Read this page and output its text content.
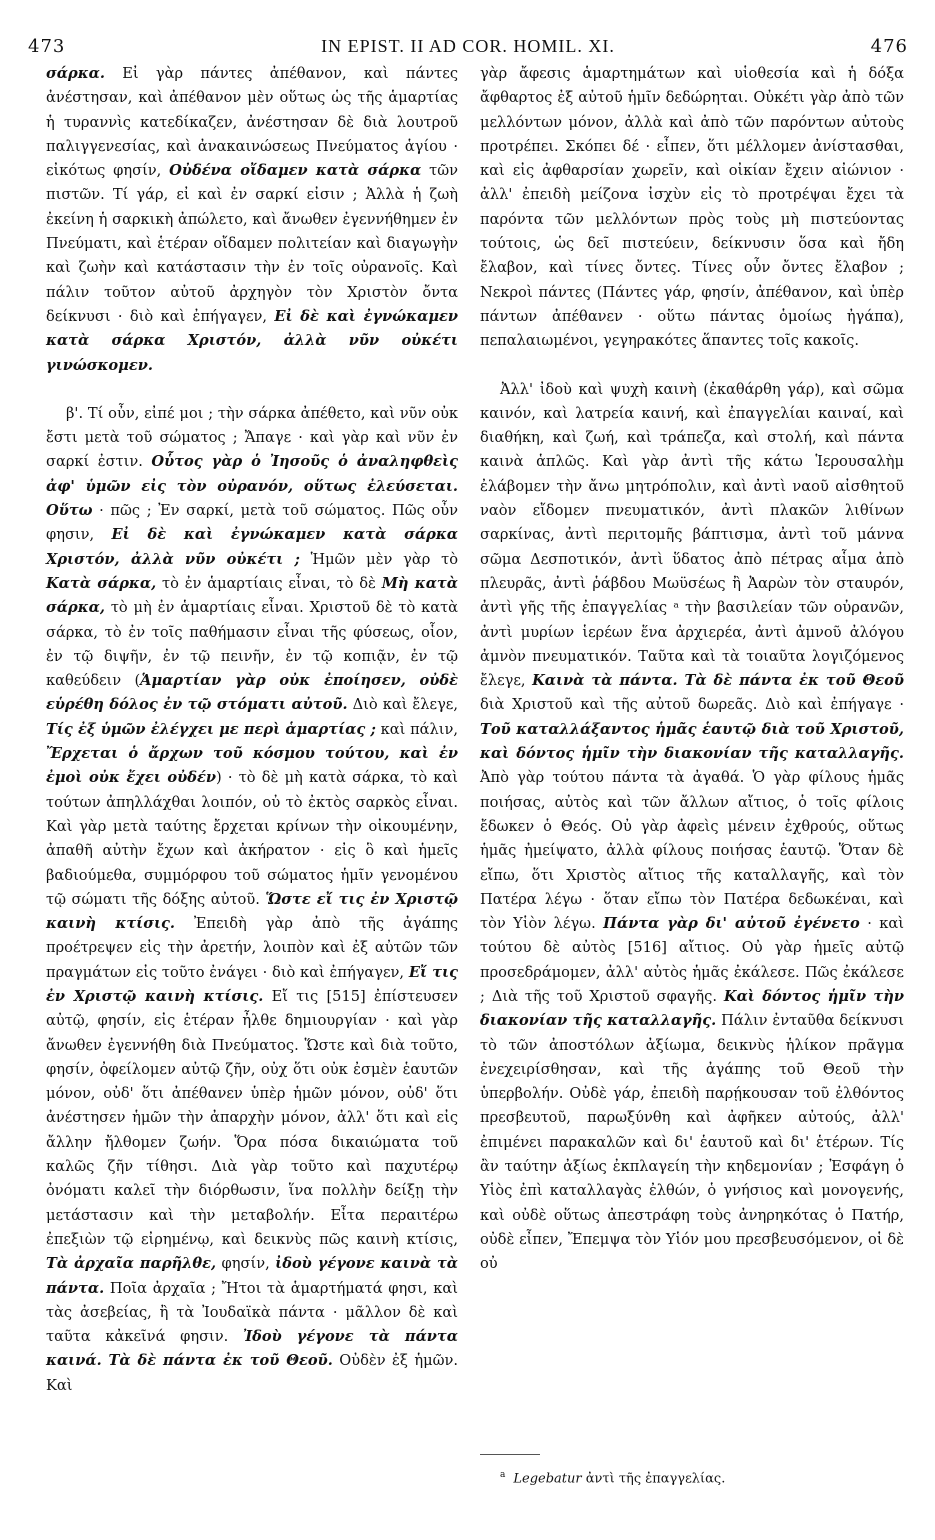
473	IN EPIST. II AD COR. HOMIL. XI.	476

σάρκα. Εἰ γὰρ πάντες ἀπέθανον, καὶ πάντες ἀνέστησαν, καὶ ἀπέθανον μὲν οὕτως ὡς τῆς ἁμαρτίας ἡ τυραννὶς κατεδίκαζεν, ἀνέστησαν δὲ διὰ λουτροῦ παλιγγενεσίας, καὶ ἀνακαινώσεως Πνεύματος ἁγίου · εἰκότως φησίν, Οὐδένα οἴδαμεν κατὰ σάρκα τῶν πιστῶν. Τί γάρ, εἰ καὶ ἐν σαρκί εἰσιν ; Ἀλλὰ ἡ ζωὴ ἐκείνη ἡ σαρκικὴ ἀπώλετο, καὶ ἄνωθεν ἐγεννήθημεν ἐν Πνεύματι, καὶ ἑτέραν οἴδαμεν πολιτείαν καὶ διαγωγὴν καὶ ζωὴν καὶ κατάστασιν τὴν ἐν τοῖς οὐρανοῖς. Καὶ πάλιν τοῦτον αὐτοῦ ἀρχηγὸν τὸν Χριστὸν ὄντα δείκνυσι · διὸ καὶ ἐπήγαγεν, Εἰ δὲ καὶ ἐγνώκαμεν κατὰ σάρκα Χριστόν, ἀλλὰ νῦν οὐκέτι γινώσκομεν.

β'. Τί οὖν, εἰπέ μοι ; τὴν σάρκα ἀπέθετο, καὶ νῦν οὐκ ἔστι μετὰ τοῦ σώματος ; Ἄπαγε · καὶ γὰρ καὶ νῦν ἐν σαρκί ἐστιν. Οὗτος γὰρ ὁ Ἰησοῦς ὁ ἀναληφθεὶς ἀφ' ὑμῶν εἰς τὸν οὐρανόν, οὕτως ἐλεύσεται. Οὕτω · πῶς ; Ἐν σαρκί, μετὰ τοῦ σώματος. Πῶς οὖν φησιν, Εἰ δὲ καὶ ἐγνώκαμεν κατὰ σάρκα Χριστόν, ἀλλὰ νῦν οὐκέτι ; Ἡμῶν μὲν γὰρ τὸ Κατὰ σάρκα, τὸ ἐν ἁμαρτίαις εἶναι, τὸ δὲ Μὴ κατὰ σάρκα, τὸ μὴ ἐν ἁμαρτίαις εἶναι. Χριστοῦ δὲ τὸ κατὰ σάρκα, τὸ ἐν τοῖς παθήμασιν εἶναι τῆς φύσεως, οἷον, ἐν τῷ διψῆν, ἐν τῷ πεινῆν, ἐν τῷ κοπιᾷν, ἐν τῷ καθεύδειν (Ἁμαρτίαν γὰρ οὐκ ἐποίησεν, οὐδὲ εὑρέθη δόλος ἐν τῷ στόματι αὐτοῦ. Διὸ καὶ ἔλεγε, Τίς ἐξ ὑμῶν ἐλέγχει με περὶ ἁμαρτίας ; καὶ πάλιν, Ἔρχεται ὁ ἄρχων τοῦ κόσμου τούτου, καὶ ἐν ἐμοὶ οὐκ ἔχει οὐδέν) · τὸ δὲ μὴ κατὰ σάρκα, τὸ καὶ τούτων ἀπηλλάχθαι λοιπόν, οὐ τὸ ἐκτὸς σαρκὸς εἶναι. Καὶ γὰρ μετὰ ταύτης ἔρχεται κρίνων τὴν οἰκουμένην, ἀπαθῆ αὐτὴν ἔχων καὶ ἀκήρατον · εἰς ὃ καὶ ἡμεῖς βαδιούμεθα, συμμόρφου τοῦ σώματος ἡμῖν γενομένου τῷ σώματι τῆς δόξης αὐτοῦ. Ὥστε εἴ τις ἐν Χριστῷ καινὴ κτίσις. Ἐπειδὴ γὰρ ἀπὸ τῆς ἀγάπης προέτρεψεν εἰς τὴν ἀρετήν, λοιπὸν καὶ ἐξ αὐτῶν τῶν πραγμάτων εἰς τοῦτο ἐνάγει · διὸ καὶ ἐπήγαγεν, Εἴ τις ἐν Χριστῷ καινὴ κτίσις. Εἴ τις [515] ἐπίστευσεν αὐτῷ, φησίν, εἰς ἑτέραν ἦλθε δημιουργίαν · καὶ γὰρ ἄνωθεν ἐγεννήθη διὰ Πνεύματος. Ὥστε καὶ διὰ τοῦτο, φησίν, ὀφείλομεν αὐτῷ ζῆν, οὐχ ὅτι οὐκ ἐσμὲν ἑαυτῶν μόνον, οὐδ' ὅτι ἀπέθανεν ὑπὲρ ἡμῶν μόνον, οὐδ' ὅτι ἀνέστησεν ἡμῶν τὴν ἀπαρχὴν μόνον, ἀλλ' ὅτι καὶ εἰς ἄλλην ἤλθομεν ζωήν. Ὅρα πόσα δικαιώματα τοῦ καλῶς ζῆν τίθησι. Διὰ γὰρ τοῦτο καὶ παχυτέρῳ ὀνόματι καλεῖ τὴν διόρθωσιν, ἵνα πολλὴν δείξῃ τὴν μετάστασιν καὶ τὴν μεταβολήν. Εἶτα περαιτέρω ἐπεξιὼν τῷ εἰρημένῳ, καὶ δεικνὺς πῶς καινὴ κτίσις, Τὰ ἀρχαῖα παρῆλθε, φησίν, ἰδοὺ γέγονε καινὰ τὰ πάντα. Ποῖα ἀρχαῖα ; Ἤτοι τὰ ἁμαρτήματά φησι, καὶ τὰς ἀσεβείας, ἢ τὰ Ἰουδαϊκὰ πάντα · μᾶλλον δὲ καὶ ταῦτα κἀκεῖνά φησιν. Ἰδοὺ γέγονε τὰ πάντα καινά. Τὰ δὲ πάντα ἐκ τοῦ Θεοῦ. Οὐδὲν ἐξ ἡμῶν. Καὶ

γὰρ ἄφεσις ἁμαρτημάτων καὶ υἱοθεσία καὶ ἡ δόξα ἄφθαρτος ἐξ αὐτοῦ ἡμῖν δεδώρηται. Οὐκέτι γὰρ ἀπὸ τῶν μελλόντων μόνον, ἀλλὰ καὶ ἀπὸ τῶν παρόντων αὐτοὺς προτρέπει. Σκόπει δέ · εἶπεν, ὅτι μέλλομεν ἀνίστασθαι, καὶ εἰς ἀφθαρσίαν χωρεῖν, καὶ οἰκίαν ἔχειν αἰώνιον · ἀλλ' ἐπειδὴ μείζονα ἰσχὺν εἰς τὸ προτρέψαι ἔχει τὰ παρόντα τῶν μελλόντων πρὸς τοὺς μὴ πιστεύοντας τούτοις, ὡς δεῖ πιστεύειν, δείκνυσιν ὅσα καὶ ἤδη ἔλαβον, καὶ τίνες ὄντες. Τίνες οὖν ὄντες ἔλαβον ; Νεκροὶ πάντες (Πάντες γάρ, φησίν, ἀπέθανον, καὶ ὑπὲρ πάντων ἀπέθανεν · οὕτω πάντας ὁμοίως ἠγάπα), πεπαλαιωμένοι, γεγηρακότες ἅπαντες τοῖς κακοῖς.

Ἀλλ' ἰδοὺ καὶ ψυχὴ καινὴ (ἐκαθάρθη γάρ), καὶ σῶμα καινόν, καὶ λατρεία καινή, καὶ ἐπαγγελίαι καιναί, καὶ διαθήκη, καὶ ζωή, καὶ τράπεζα, καὶ στολή, καὶ πάντα καινὰ ἁπλῶς. Καὶ γὰρ ἀντὶ τῆς κάτω Ἱερουσαλὴμ ἐλάβομεν τὴν ἄνω μητρόπολιν, καὶ ἀντὶ ναοῦ αἰσθητοῦ ναὸν εἴδομεν πνευματικόν, ἀντὶ πλακῶν λιθίνων σαρκίνας, ἀντὶ περιτομῆς βάπτισμα, ἀντὶ τοῦ μάννα σῶμα Δεσποτικόν, ἀντὶ ὕδατος ἀπὸ πέτρας αἷμα ἀπὸ πλευρᾶς, ἀντὶ ῥάβδου Μωϋσέως ἢ Ἀαρὼν τὸν σταυρόν, ἀντὶ γῆς τῆς ἐπαγγελίας ᵃ τὴν βασιλείαν τῶν οὐρανῶν, ἀντὶ μυρίων ἱερέων ἕνα ἀρχιερέα, ἀντὶ ἀμνοῦ ἀλόγου ἀμνὸν πνευματικόν. Ταῦτα καὶ τὰ τοιαῦτα λογιζόμενος ἔλεγε, Καινὰ τὰ πάντα. Τὰ δὲ πάντα ἐκ τοῦ Θεοῦ διὰ Χριστοῦ καὶ τῆς αὐτοῦ δωρεᾶς. Διὸ καὶ ἐπήγαγε · Τοῦ καταλλάξαντος ἡμᾶς ἑαυτῷ διὰ τοῦ Χριστοῦ, καὶ δόντος ἡμῖν τὴν διακονίαν τῆς καταλλαγῆς. Ἀπὸ γὰρ τούτου πάντα τὰ ἀγαθά. Ὁ γὰρ φίλους ἡμᾶς ποιήσας, αὐτὸς καὶ τῶν ἄλλων αἴτιος, ὁ τοῖς φίλοις ἔδωκεν ὁ Θεός. Οὐ γὰρ ἀφεὶς μένειν ἐχθρούς, οὕτως ἡμᾶς ἠμείψατο, ἀλλὰ φίλους ποιήσας ἑαυτῷ. Ὅταν δὲ εἴπω, ὅτι Χριστὸς αἴτιος τῆς καταλλαγῆς, καὶ τὸν Πατέρα λέγω · ὅταν εἴπω τὸν Πατέρα δεδωκέναι, καὶ τὸν Υἱὸν λέγω. Πάντα γὰρ δι' αὐτοῦ ἐγένετο · καὶ τούτου δὲ αὐτὸς [516] αἴτιος. Οὐ γὰρ ἡμεῖς αὐτῷ προσεδράμομεν, ἀλλ' αὐτὸς ἡμᾶς ἐκάλεσε. Πῶς ἐκάλεσε ; Διὰ τῆς τοῦ Χριστοῦ σφαγῆς. Καὶ δόντος ἡμῖν τὴν διακονίαν τῆς καταλλαγῆς. Πάλιν ἐνταῦθα δείκνυσι τὸ τῶν ἀποστόλων ἀξίωμα, δεικνὺς ἡλίκον πρᾶγμα ἐνεχειρίσθησαν, καὶ τῆς ἀγάπης τοῦ Θεοῦ τὴν ὑπερβολήν. Οὐδὲ γάρ, ἐπειδὴ παρῄκουσαν τοῦ ἐλθόντος πρεσβευτοῦ, παρωξύνθη καὶ ἀφῆκεν αὐτούς, ἀλλ' ἐπιμένει παρακαλῶν καὶ δι' ἑαυτοῦ καὶ δι' ἑτέρων. Τίς ἂν ταύτην ἀξίως ἐκπλαγείη τὴν κηδεμονίαν ; Ἐσφάγη ὁ Υἱὸς ἐπὶ καταλλαγὰς ἐλθών, ὁ γνήσιος καὶ μονογενής, καὶ οὐδὲ οὕτως ἀπεστράφη τοὺς ἀνηρηκότας ὁ Πατήρ, οὐδὲ εἶπεν, Ἔπεμψα τὸν Υἱόν μου πρεσβευσόμενον, οἱ δὲ οὐ

$^a$ Legebatur ἀντὶ τῆς ἐπαγγελίας.
